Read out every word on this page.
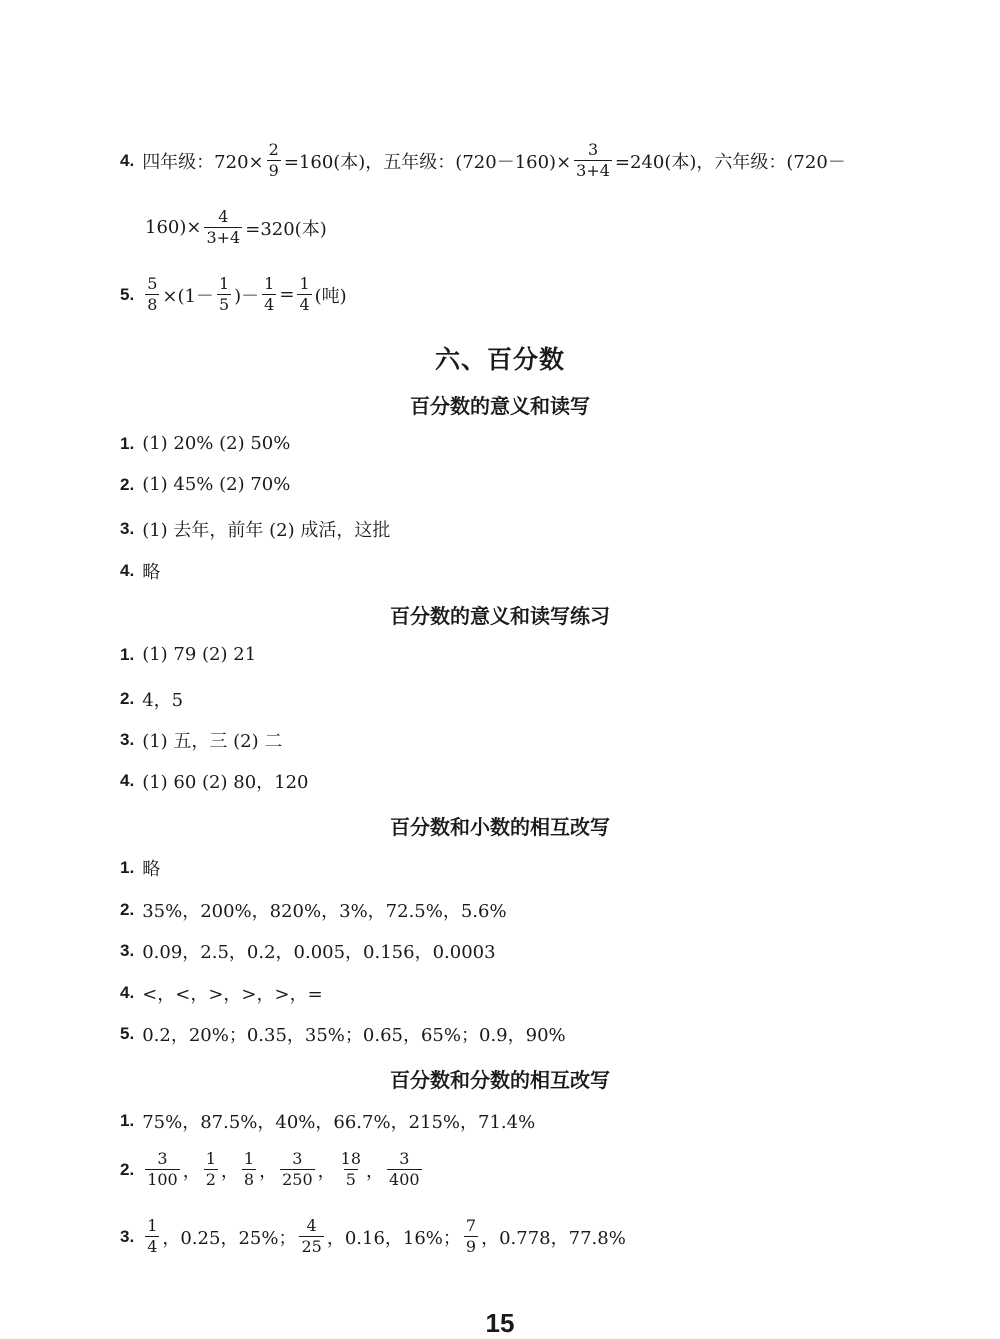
4. 四年级：$720\times \frac{2}{9} =160$(本)，五年级：$(720-160)\times \frac{3}{3+4} =240$(本)，六年级：(720－
$160)\times \frac{4}{3+4} =320$(本)
5. $\frac{5}{8} \times(1- \frac{1}{5}$ )－ $\frac{1}{4} = \frac{1}{4}$ (吨)
六、百分数
百分数的意义和读写
1. (1) 20% (2) 50%
2. (1) 45% (2) 70%
3. (1) 去年，前年 (2) 成活，这批
4. 略
百分数的意义和读写练习
1. (1) 79 (2) 21
2. 4，5
3. (1) 五，三 (2) 二
4. (1) 60 (2) 80，120
百分数和小数的相互改写
1. 略
2. 35%，200%，820%，3%，72.5%，5.6%
3. 0.09，2.5，0.2，0.005，0.156，0.0003
4. <，<，>，>，>，=
5. 0.2，20%；0.35，35%；0.65，65%；0.9，90%
百分数和分数的相互改写
1. 75%，87.5%，40%，66.7%，215%，71.4%
2. $\frac{3}{100}$ ， $\frac{1}{2}$ ， $\frac{1}{8}$ ， $\frac{3}{250}$ ， $\frac{18}{5}$ ， $\frac{3}{400}$
3. $\frac{1}{4}$ ，0.25，25%； $\frac{4}{25}$ ，0.16，16%； $\frac{7}{9}$ ，0.778，77.8%
15
